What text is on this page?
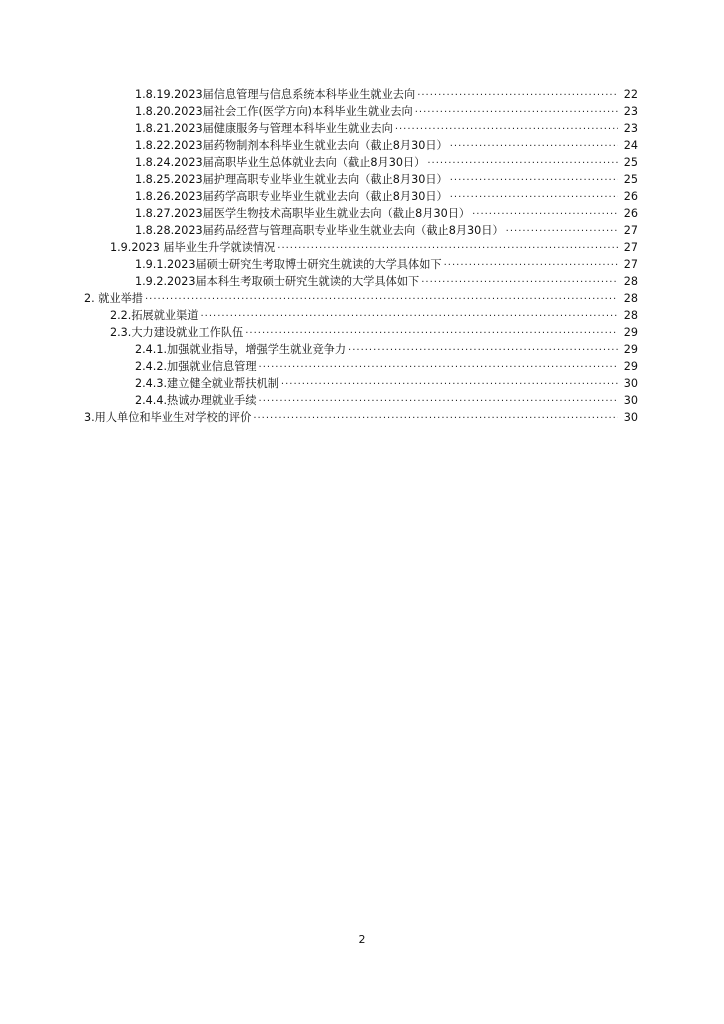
1.8.19.2023届信息管理与信息系统本科毕业生就业去向 .....	22
1.8.20.2023届社会工作(医学方向)本科毕业生就业去向 .....	23
1.8.21.2023届健康服务与管理本科毕业生就业去向 .....	23
1.8.22.2023届药物制剂本科毕业生就业去向（截止8月30日） .....	24
1.8.24.2023届高职毕业生总体就业去向（截止8月30日） .....	25
1.8.25.2023届护理高职专业毕业生就业去向（截止8月30日） .....	25
1.8.26.2023届药学高职专业毕业生就业去向（截止8月30日） .....	26
1.8.27.2023届医学生物技术高职毕业生就业去向（截止8月30日） .....	26
1.8.28.2023届药品经营与管理高职专业毕业生就业去向（截止8月30日） .....	27
1.9.2023 届毕业生升学就读情况 .....	27
1.9.1.2023届硕士研究生考取博士研究生就读的大学具体如下 .....	27
1.9.2.2023届本科生考取硕士研究生就读的大学具体如下 .....	28
2. 就业举措 .....	28
2.2.拓展就业渠道 .....	28
2.3.大力建设就业工作队伍 .....	29
2.4.1.加强就业指导，增强学生就业竞争力 .....	29
2.4.2.加强就业信息管理 .....	29
2.4.3.建立健全就业帮扶机制 .....	30
2.4.4.热诚办理就业手续 .....	30
3.用人单位和毕业生对学校的评价 .....	30
2
